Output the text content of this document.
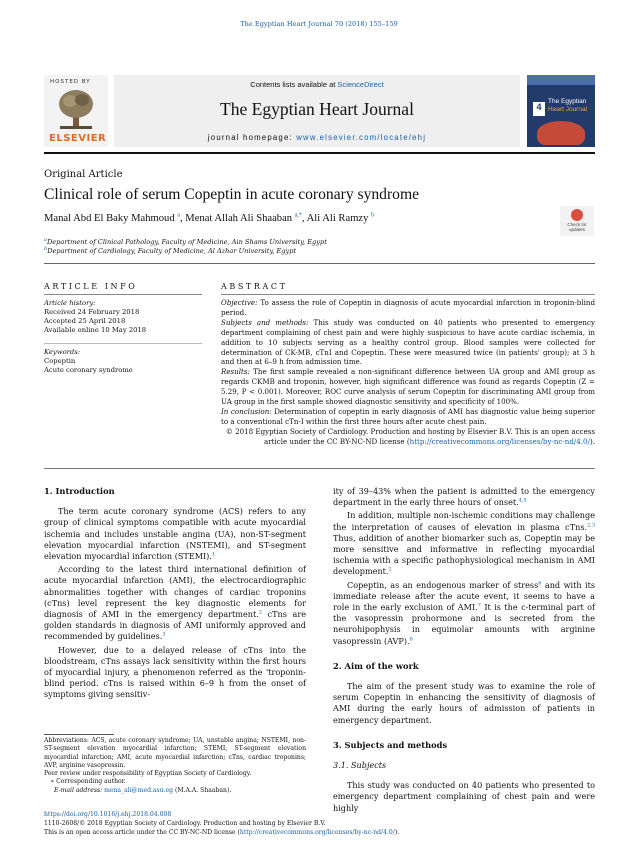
The Egyptian Heart Journal 70 (2018) 155–159
HOSTED BY
ELSEVIER
Contents lists available at ScienceDirect
The Egyptian Heart Journal
journal homepage: www.elsevier.com/locate/ehj
4
The Egyptian
Heart Journal
Original Article
Clinical role of serum Copeptin in acute coronary syndrome
Manal Abd El Baky Mahmoud $^a$, Menat Allah Ali Shaaban $^{a,*}$, Ali Ali Ramzy $^b$
Check for
updates
$^a$Department of Clinical Pathology, Faculty of Medicine, Ain Shams University, Egypt
$^b$Department of Cardiology, Faculty of Medicine, Al Azhar University, Egypt
ARTICLE INFO	ABSTRACT
Article history:
Received 24 February 2018
Accepted 25 April 2018
Available online 10 May 2018
Keywords:
Copeptin
Acute coronary syndrome

Objective: To assess the role of Copeptin in diagnosis of acute myocardial infarction in troponin-blind period.

Subjects and methods: This study was conducted on 40 patients who presented to emergency department complaining of chest pain and were highly suspicious to have acute cardiac ischemia, in addition to 10 subjects serving as a healthy control group. Blood samples were collected for determination of CK-MB, cTnI and Copeptin. These were measured twice (in patients' group); at 3 h and then at 6–9 h from admission time.

Results: The first sample revealed a non-significant difference between UA group and AMI group as regards CKMB and troponin, however, high significant difference was found as regards Copeptin (Z = 5.29, P < 0.001). Moreover, ROC curve analysis of serum Copeptin for discriminating AMI group from UA group in the first sample showed diagnostic sensitivity and specificity of 100%.

In conclusion: Determination of copeptin in early diagnosis of AMI has diagnostic value being superior to a conventional cTn-I within the first three hours after acute chest pain.

© 2018 Egyptian Society of Cardiology. Production and hosting by Elsevier B.V. This is an open access
article under the CC BY-NC-ND license (http://creativecommons.org/licenses/by-nc-nd/4.0/).

1. Introduction

The term acute coronary syndrome (ACS) refers to any group of clinical symptoms compatible with acute myocardial ischemia and includes unstable angina (UA), non-ST-segment elevation myocardial infarction (NSTEMI), and ST-segment elevation myocardial infarction (STEMI).$^1$

According to the latest third international definition of acute myocardial infarction (AMI), the electrocardiographic abnormalities together with changes of cardiac troponins (cTns) level represent the key diagnostic elements for diagnosis of AMI in the emergency department.$^2$ cTns are golden standards in diagnosis of AMI uniformly approved and recommended by guidelines.$^3$

However, due to a delayed release of cTns into the bloodstream, cTns assays lack sensitivity within the first hours of myocardial injury, a phenomenon referred as the 'troponin-blind period. cTns is raised within 6–9 h from the onset of symptoms giving sensitiv-

ity of 39–43% when the patient is admitted to the emergency department in the early three hours of onset.$^{4,5}$

In addition, multiple non-ischemic conditions may challenge the interpretation of causes of elevation in plasma cTns.$^{2,3}$ Thus, addition of another biomarker such as, Copeptin may be more sensitive and informative in reflecting myocardial ischemia with a specific pathophysiological mechanism in AMI development.$^2$

Copeptin, as an endogenous marker of stress$^6$ and with its immediate release after the acute event, it seems to have a role in the early exclusion of AMI.$^7$ It is the c-terminal part of the vasopressin prohormone and is secreted from the neurohipophysis in equimolar amounts with arginine vasopressin (AVP).$^8$

2. Aim of the work

The aim of the present study was to examine the role of serum Copeptin in enhancing the sensitivity of diagnosis of AMI during the early hours of admission of patients in emergency department.

3. Subjects and methods
3.1. Subjects

This study was conducted on 40 patients who presented to emergency department complaining of chest pain and were highly

Abbreviations: ACS, acute coronary syndrome; UA, unstable angina; NSTEMI, non-ST-segment elevation myocardial infarction; STEMI, ST-segment elevation myocardial infarction; AMI, acute myocardial infarction; cTns, cardiac troponins; AVP, arginine vasopressin.
Peer review under responsibility of Egyptian Society of Cardiology.
∗ Corresponding author.
E-mail address: mena_ali@med.asu.eg (M.A.A. Shaaban).
https://doi.org/10.1016/j.ehj.2018.04.008
1110-2608/© 2018 Egyptian Society of Cardiology. Production and hosting by Elsevier B.V.
This is an open access article under the CC BY-NC-ND license (http://creativecommons.org/licenses/by-nc-nd/4.0/).
